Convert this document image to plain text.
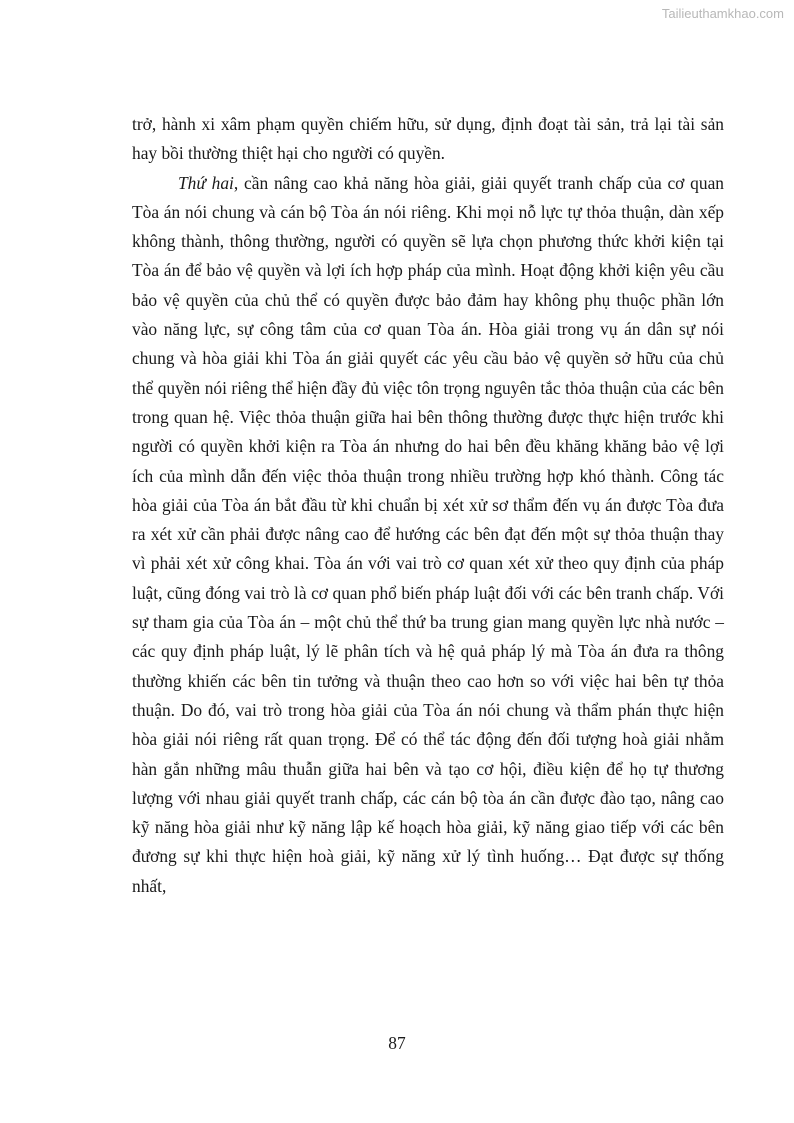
Tailieuthamkhao.com

trở, hành xi xâm phạm quyền chiếm hữu, sử dụng, định đoạt tài sản, trả lại tài sản hay bồi thường thiệt hại cho người có quyền.

Thứ hai, cần nâng cao khả năng hòa giải, giải quyết tranh chấp của cơ quan Tòa án nói chung và cán bộ Tòa án nói riêng. Khi mọi nỗ lực tự thỏa thuận, dàn xếp không thành, thông thường, người có quyền sẽ lựa chọn phương thức khởi kiện tại Tòa án để bảo vệ quyền và lợi ích hợp pháp của mình. Hoạt động khởi kiện yêu cầu bảo vệ quyền của chủ thể có quyền được bảo đảm hay không phụ thuộc phần lớn vào năng lực, sự công tâm của cơ quan Tòa án. Hòa giải trong vụ án dân sự nói chung và hòa giải khi Tòa án giải quyết các yêu cầu bảo vệ quyền sở hữu của chủ thể quyền nói riêng thể hiện đầy đủ việc tôn trọng nguyên tắc thỏa thuận của các bên trong quan hệ. Việc thỏa thuận giữa hai bên thông thường được thực hiện trước khi người có quyền khởi kiện ra Tòa án nhưng do hai bên đều khăng khăng bảo vệ lợi ích của mình dẫn đến việc thỏa thuận trong nhiều trường hợp khó thành. Công tác hòa giải của Tòa án bắt đầu từ khi chuẩn bị xét xử sơ thẩm đến vụ án được Tòa đưa ra xét xử cần phải được nâng cao để hướng các bên đạt đến một sự thỏa thuận thay vì phải xét xử công khai. Tòa án với vai trò cơ quan xét xử theo quy định của pháp luật, cũng đóng vai trò là cơ quan phổ biến pháp luật đối với các bên tranh chấp. Với sự tham gia của Tòa án – một chủ thể thứ ba trung gian mang quyền lực nhà nước – các quy định pháp luật, lý lẽ phân tích và hệ quả pháp lý mà Tòa án đưa ra thông thường khiến các bên tin tưởng và thuận theo cao hơn so với việc hai bên tự thỏa thuận. Do đó, vai trò trong hòa giải của Tòa án nói chung và thẩm phán thực hiện hòa giải nói riêng rất quan trọng. Để có thể tác động đến đối tượng hoà giải nhằm hàn gắn những mâu thuẫn giữa hai bên và tạo cơ hội, điều kiện để họ tự thương lượng với nhau giải quyết tranh chấp, các cán bộ tòa án cần được đào tạo, nâng cao kỹ năng hòa giải như kỹ năng lập kế hoạch hòa giải, kỹ năng giao tiếp với các bên đương sự khi thực hiện hoà giải, kỹ năng xử lý tình huống… Đạt được sự thống nhất,

87
